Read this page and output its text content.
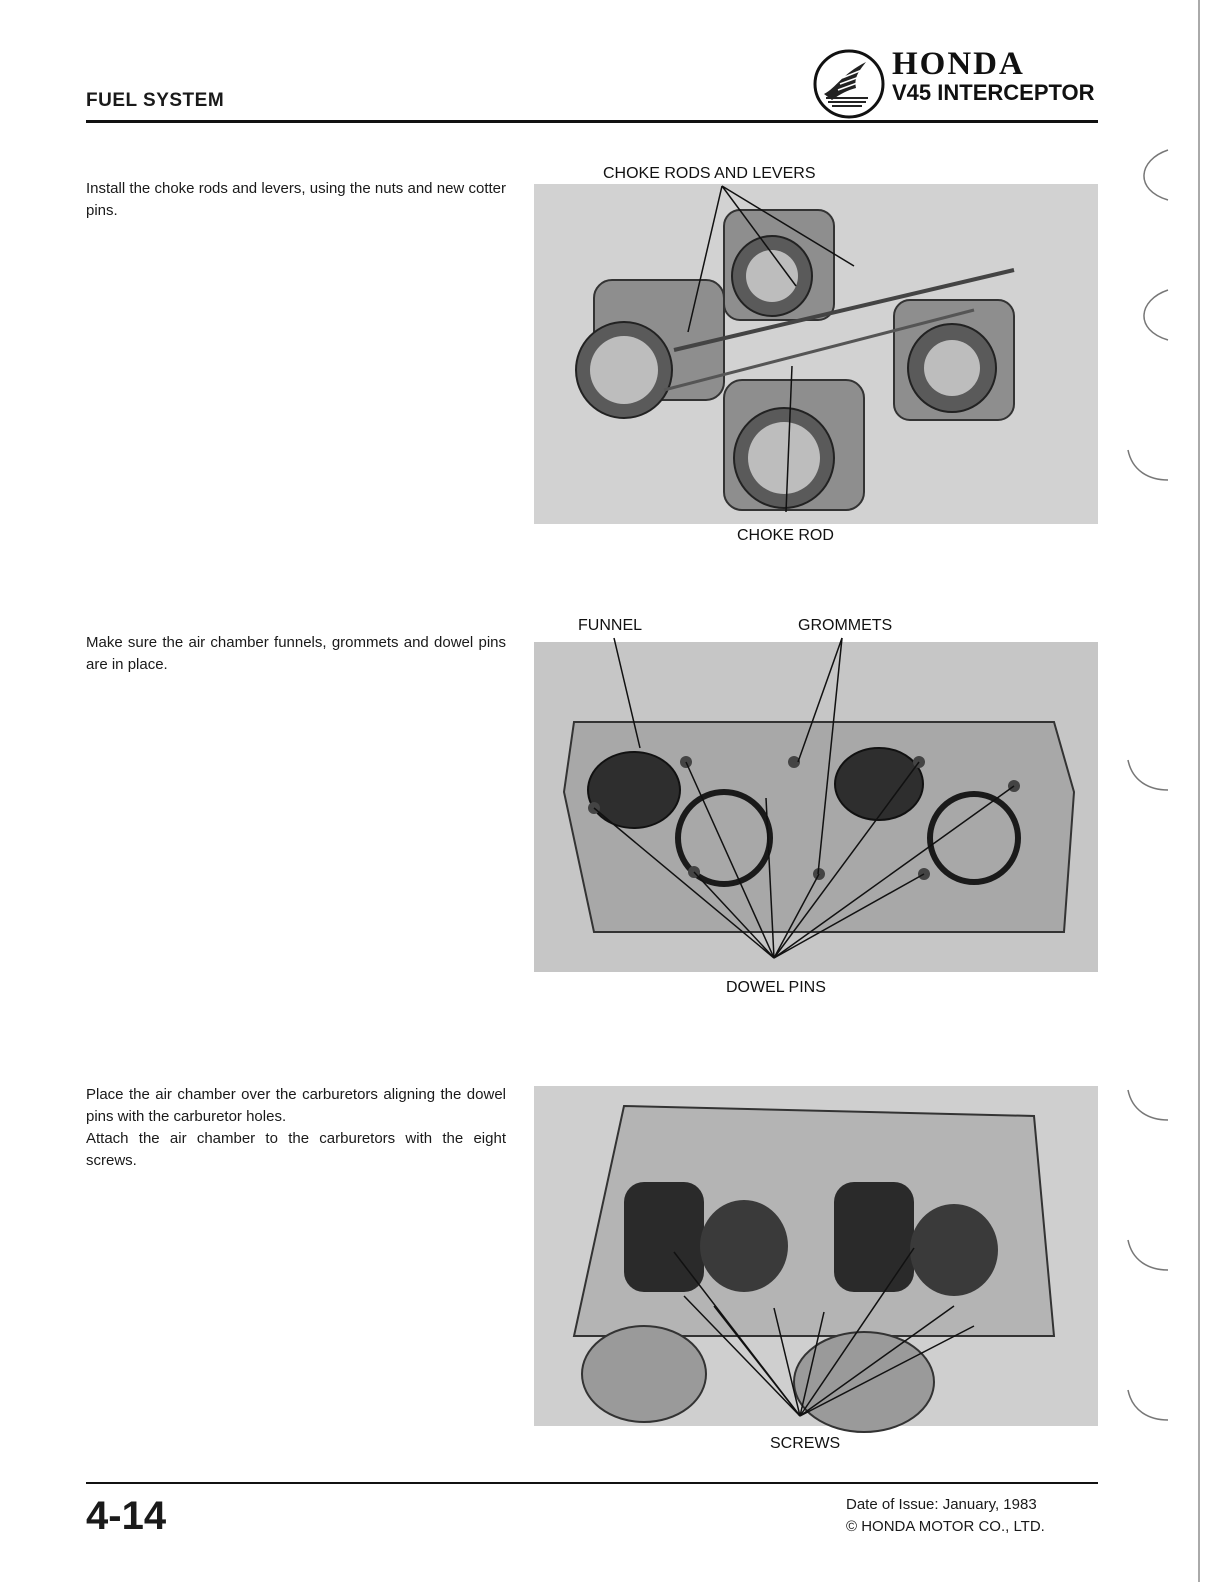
FUEL SYSTEM
HONDA
V45 INTERCEPTOR

Install the choke rods and levers, using the nuts and new cotter pins.

CHOKE RODS AND LEVERS
CHOKE ROD

Make sure the air chamber funnels, grommets and dowel pins are in place.

FUNNEL	GROMMETS
DOWEL PINS

Place the air chamber over the carburetors aligning the dowel pins with the carburetor holes.

Attach the air chamber to the carburetors with the eight screws.

SCREWS
4-14	Date of Issue: January, 1983
© HONDA MOTOR CO., LTD.
